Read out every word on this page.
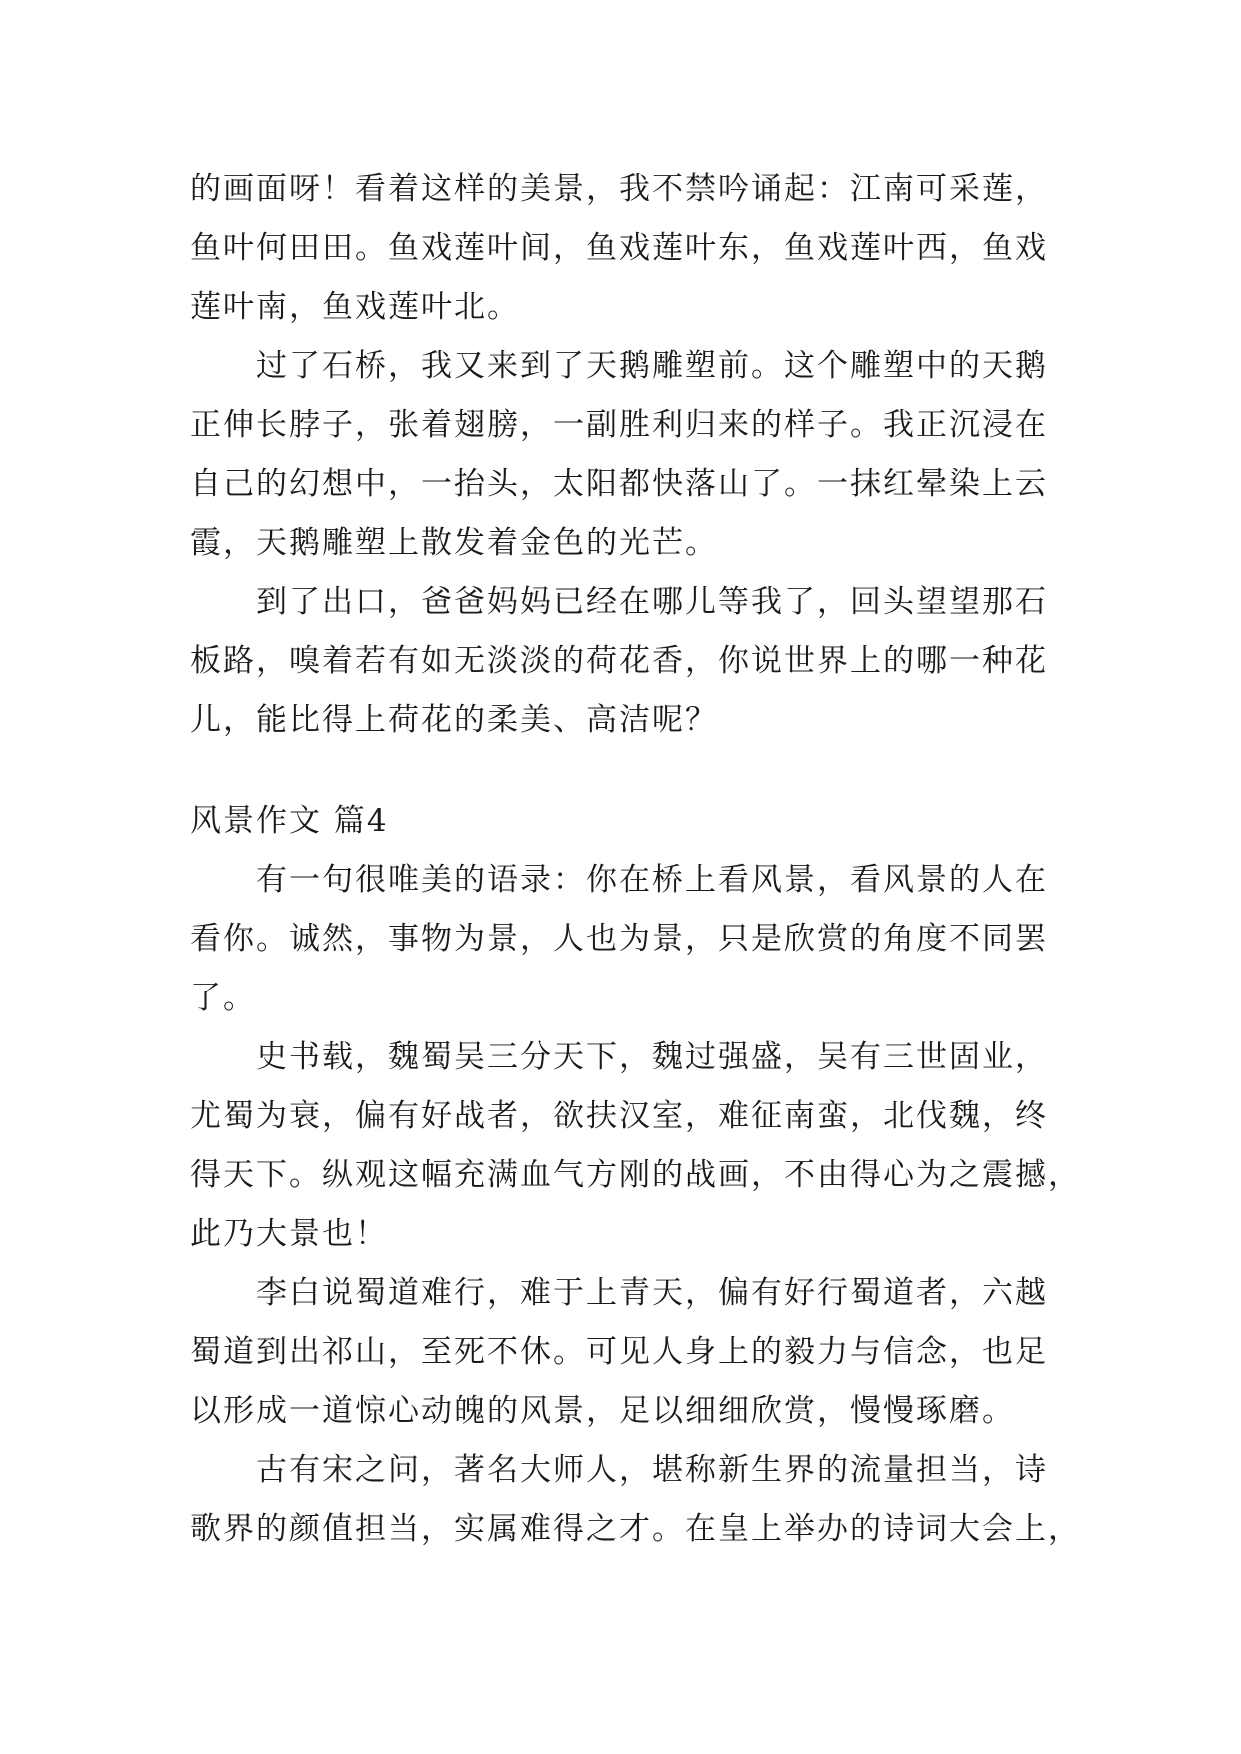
的画面呀！看着这样的美景，我不禁吟诵起：江南可采莲，
鱼叶何田田。鱼戏莲叶间，鱼戏莲叶东，鱼戏莲叶西，鱼戏
莲叶南，鱼戏莲叶北。
过了石桥，我又来到了天鹅雕塑前。这个雕塑中的天鹅
正伸长脖子，张着翅膀，一副胜利归来的样子。我正沉浸在
自己的幻想中，一抬头，太阳都快落山了。一抹红晕染上云
霞，天鹅雕塑上散发着金色的光芒。
到了出口，爸爸妈妈已经在哪儿等我了，回头望望那石
板路，嗅着若有如无淡淡的荷花香，你说世界上的哪一种花
儿，能比得上荷花的柔美、高洁呢？
风景作文 篇4
有一句很唯美的语录：你在桥上看风景，看风景的人在
看你。诚然，事物为景，人也为景，只是欣赏的角度不同罢
了。
史书载，魏蜀吴三分天下，魏过强盛，吴有三世固业，
尤蜀为衰，偏有好战者，欲扶汉室，难征南蛮，北伐魏，终
得天下。纵观这幅充满血气方刚的战画，不由得心为之震撼，
此乃大景也！
李白说蜀道难行，难于上青天，偏有好行蜀道者，六越
蜀道到出祁山，至死不休。可见人身上的毅力与信念，也足
以形成一道惊心动魄的风景，足以细细欣赏，慢慢琢磨。
古有宋之问，著名大师人，堪称新生界的流量担当，诗
歌界的颜值担当，实属难得之才。在皇上举办的诗词大会上，
